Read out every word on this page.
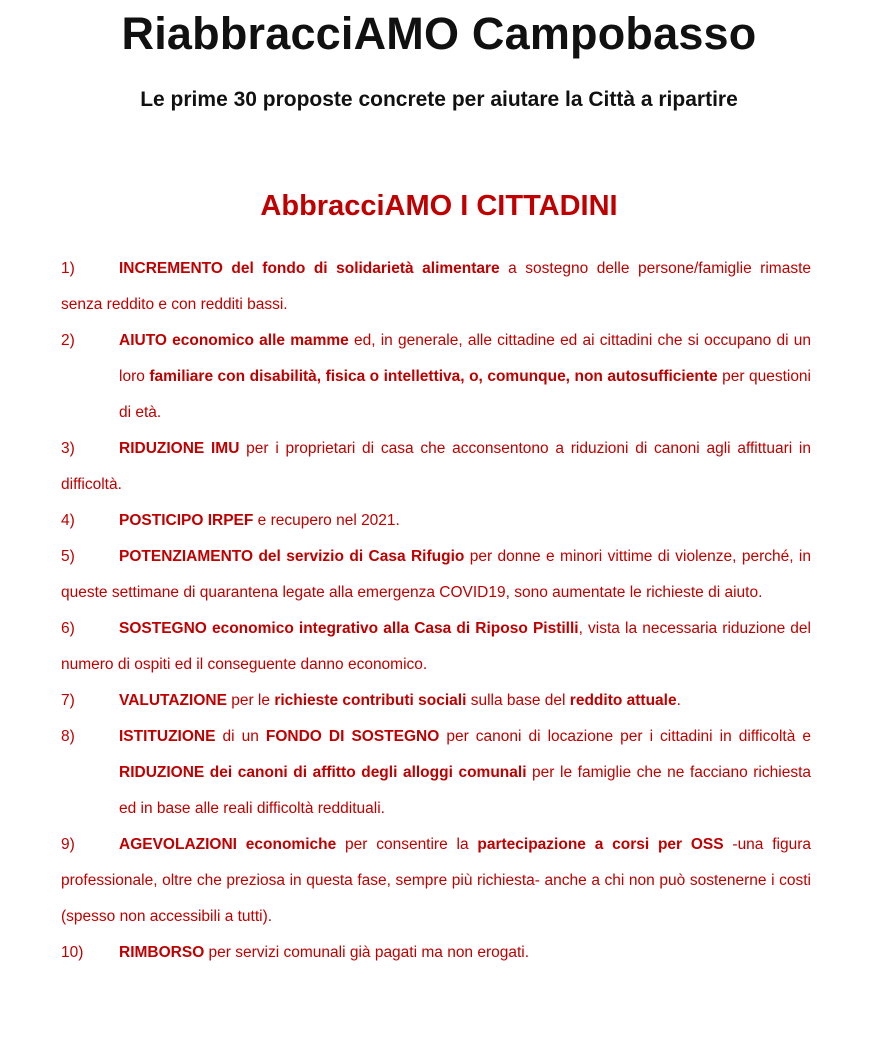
RiabbracciAMO Campobasso
Le prime 30 proposte concrete per aiutare la Città a ripartire
AbbracciAMO I CITTADINI

1)	INCREMENTO del fondo di solidarietà alimentare a sostegno delle persone/famiglie rimaste senza reddito e con redditi bassi.

2)	AIUTO economico alle mamme ed, in generale, alle cittadine ed ai cittadini che si occupano di un loro familiare con disabilità, fisica o intellettiva, o, comunque, non autosufficiente per questioni di età.

3)	RIDUZIONE IMU per i proprietari di casa che acconsentono a riduzioni di canoni agli affittuari in difficoltà.

4)	POSTICIPO IRPEF e recupero nel 2021.

5)	POTENZIAMENTO del servizio di Casa Rifugio per donne e minori vittime di violenze, perché, in queste settimane di quarantena legate alla emergenza COVID19, sono aumentate le richieste di aiuto.

6)	SOSTEGNO economico integrativo alla Casa di Riposo Pistilli, vista la necessaria riduzione del numero di ospiti ed il conseguente danno economico.

7)	VALUTAZIONE per le richieste contributi sociali sulla base del reddito attuale.

8)	ISTITUZIONE di un FONDO DI SOSTEGNO per canoni di locazione per i cittadini in difficoltà e RIDUZIONE dei canoni di affitto degli alloggi comunali per le famiglie che ne facciano richiesta ed in base alle reali difficoltà reddituali.

9)	AGEVOLAZIONI economiche per consentire la partecipazione a corsi per OSS -una figura professionale, oltre che preziosa in questa fase, sempre più richiesta- anche a chi non può sostenerne i costi (spesso non accessibili a tutti).

10) RIMBORSO per servizi comunali già pagati ma non erogati.
